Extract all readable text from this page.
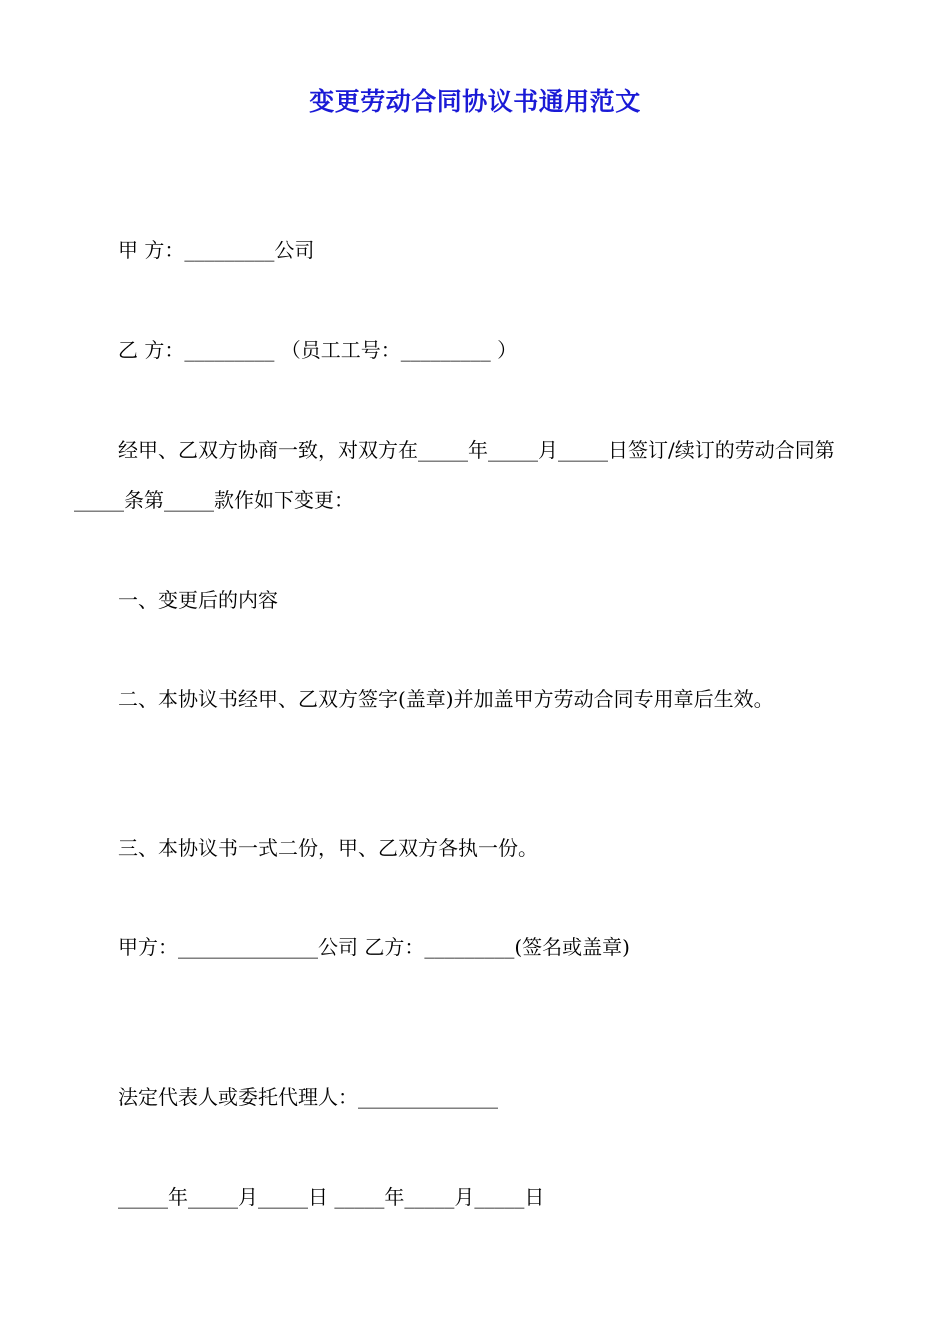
变更劳动合同协议书通用范文
甲 方：_________公司
乙 方：_________ （员工工号：_________ ）
经甲、乙双方协商一致，对双方在_____年_____月_____日签订/续订的劳动合同第_____条第_____款作如下变更：
一、变更后的内容
二、本协议书经甲、乙双方签字(盖章)并加盖甲方劳动合同专用章后生效。
三、本协议书一式二份，甲、乙双方各执一份。
甲方：______________公司 乙方：_________(签名或盖章)
法定代表人或委托代理人：______________
_____年_____月_____日 _____年_____月_____日
